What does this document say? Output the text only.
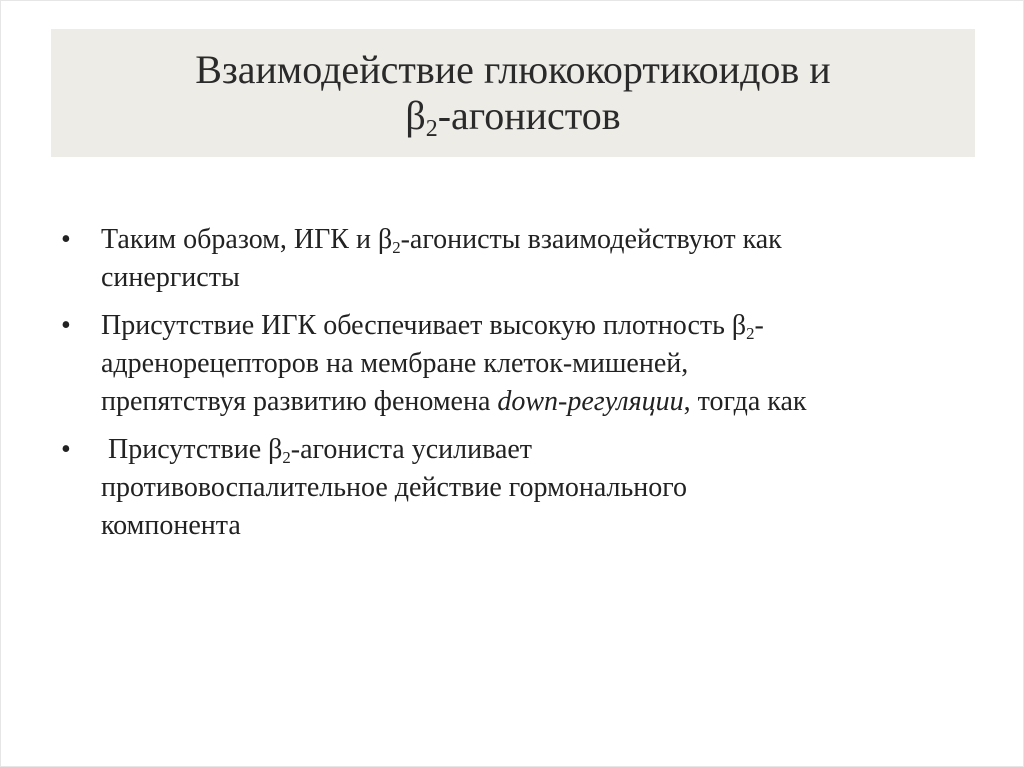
Взаимодействие глюкокортикоидов и
$\beta_2$-агонистов
• Таким образом, ИГК и $\beta_2$-агонисты взаимодействуют как
синергисты
• Присутствие ИГК обеспечивает высокую плотность $\beta_2-$
адренорецепторов на мембране клеток-мишеней,
препятствуя развитию феномена down-регуляции, тогда как
• Присутствие $\beta_2$-агониста усиливает
противовоспалительное действие гормонального
компонента
